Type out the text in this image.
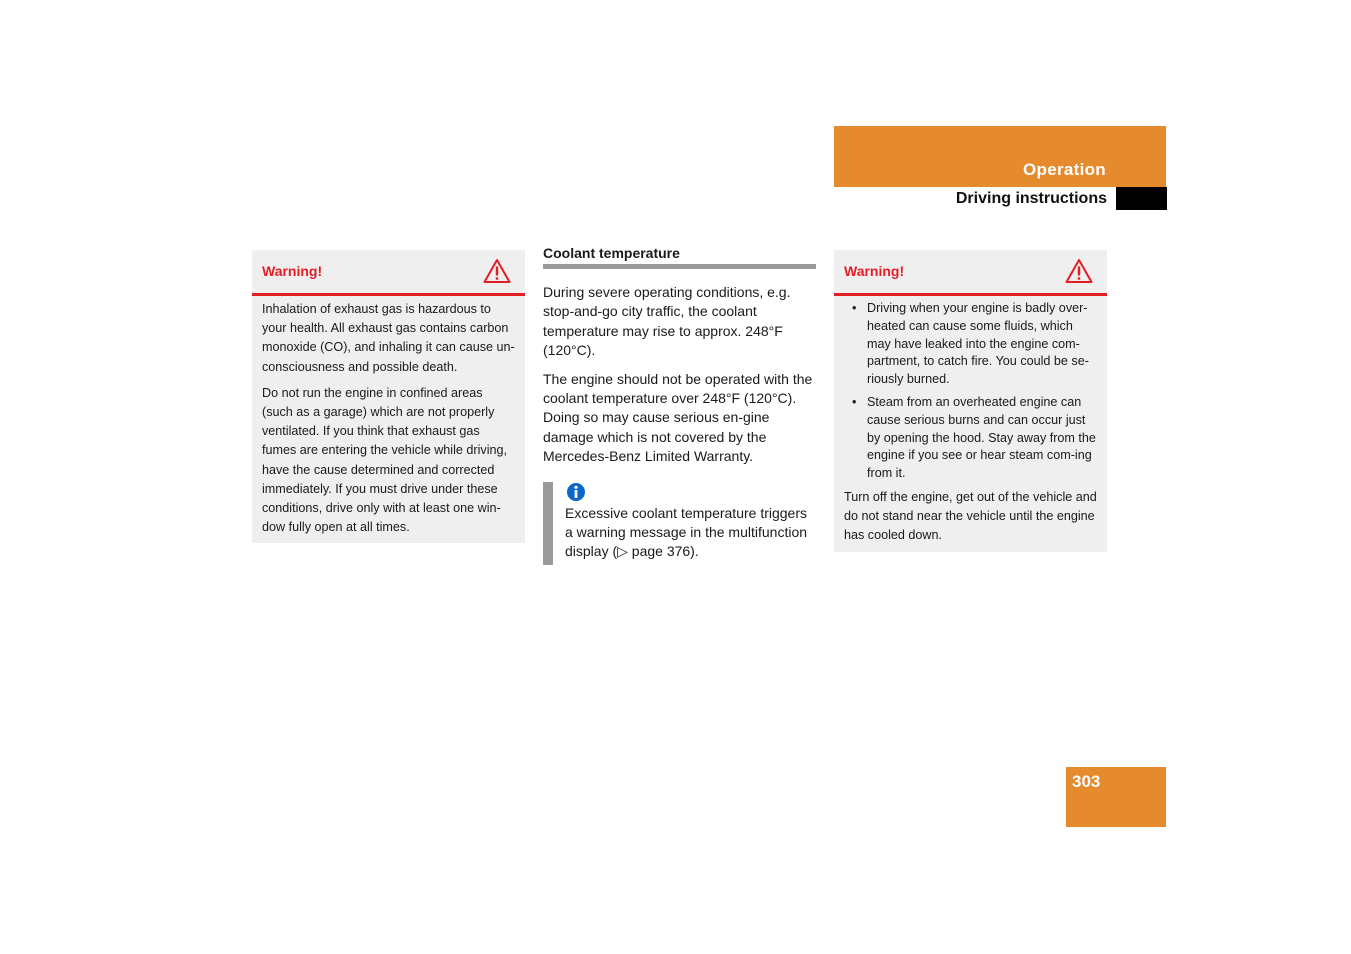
Operation
Driving instructions
Warning!

Inhalation of exhaust gas is hazardous to your health. All exhaust gas contains carbon monoxide (CO), and inhaling it can cause un-consciousness and possible death.

Do not run the engine in confined areas (such as a garage) which are not properly ventilated. If you think that exhaust gas fumes are entering the vehicle while driving, have the cause determined and corrected immediately. If you must drive under these conditions, drive only with at least one win-dow fully open at all times.

Coolant temperature

During severe operating conditions, e.g. stop-and-go city traffic, the coolant temperature may rise to approx. 248°F (120°C).

The engine should not be operated with the coolant temperature over 248°F (120°C). Doing so may cause serious en-gine damage which is not covered by the Mercedes-Benz Limited Warranty.

Excessive coolant temperature triggers a warning message in the multifunction display (▷ page 376).
Warning!
• Driving when your engine is badly over-heated can cause some fluids, which may have leaked into the engine com-partment, to catch fire. You could be se-riously burned.
• Steam from an overheated engine can cause serious burns and can occur just by opening the hood. Stay away from the engine if you see or hear steam com-ing from it.

Turn off the engine, get out of the vehicle and do not stand near the vehicle until the engine has cooled down.

303
